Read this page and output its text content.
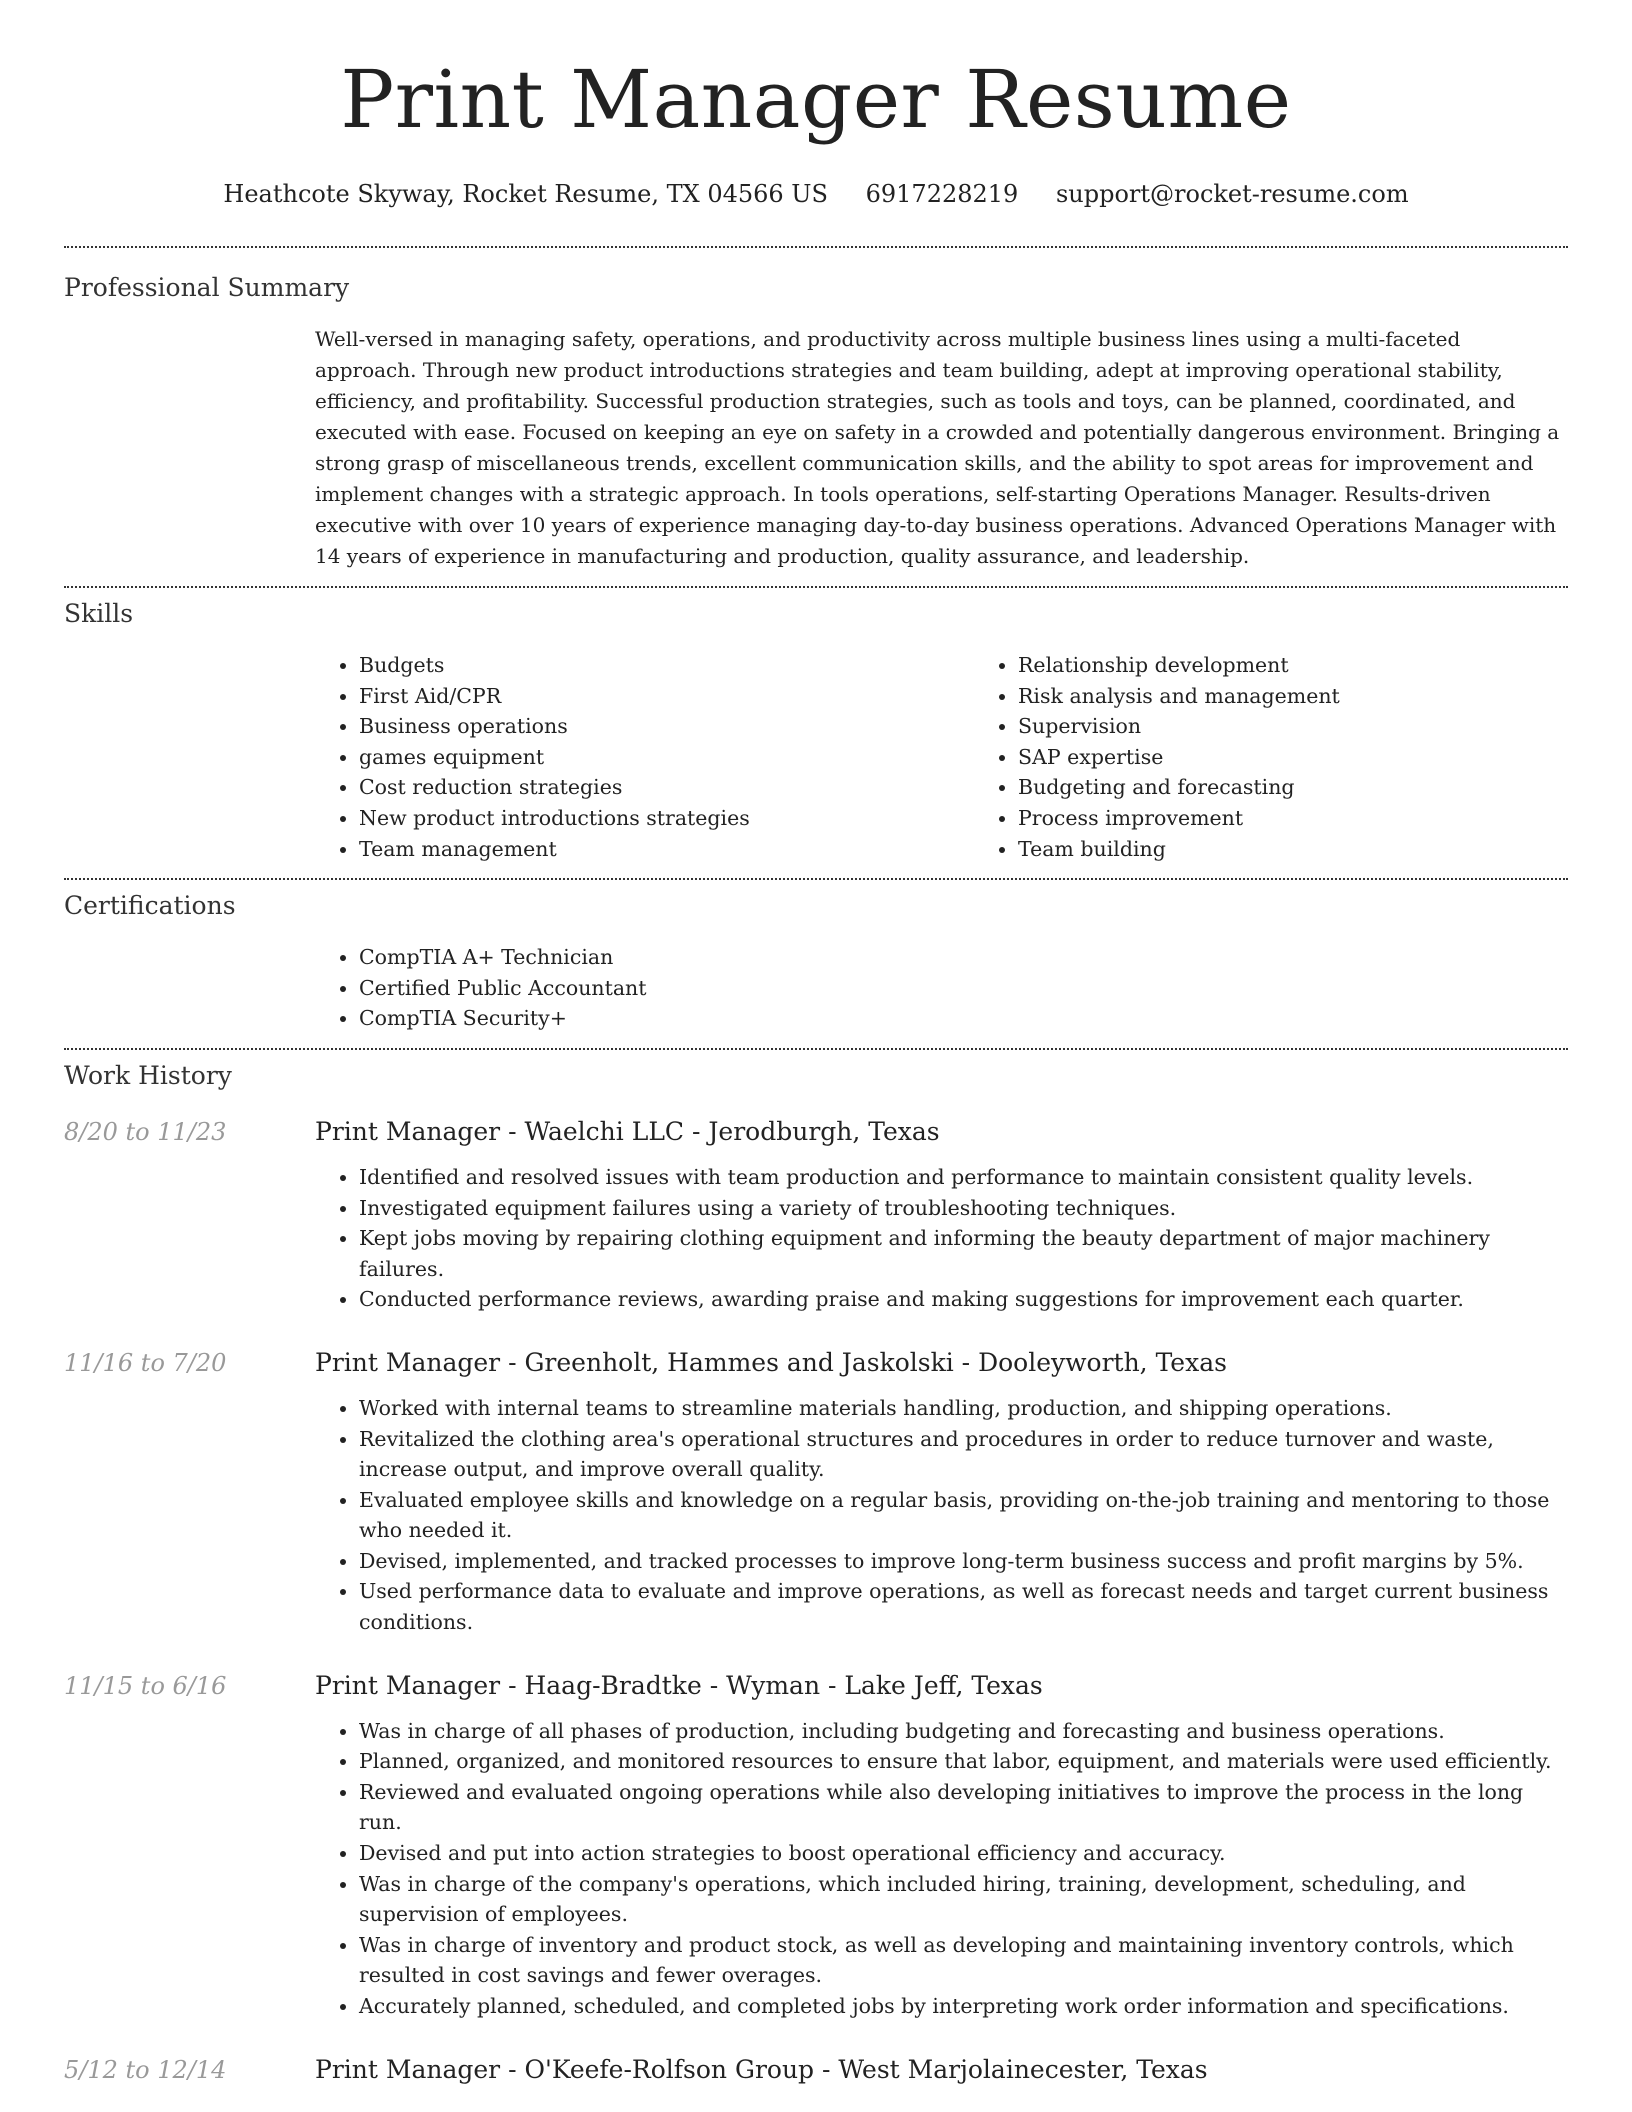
Print Manager Resume
Heathcote Skyway, Rocket Resume, TX 04566 US 6917228219 support@rocket-resume.com
Professional Summary

Well-versed in managing safety, operations, and productivity across multiple business lines using a multi-faceted approach. Through new product introductions strategies and team building, adept at improving operational stability, efficiency, and profitability. Successful production strategies, such as tools and toys, can be planned, coordinated, and executed with ease. Focused on keeping an eye on safety in a crowded and potentially dangerous environment. Bringing a strong grasp of miscellaneous trends, excellent communication skills, and the ability to spot areas for improvement and implement changes with a strategic approach. In tools operations, self-starting Operations Manager. Results-driven executive with over 10 years of experience managing day-to-day business operations. Advanced Operations Manager with 14 years of experience in manufacturing and production, quality assurance, and leadership.

Skills
• Budgets
• First Aid/CPR
• Business operations
• games equipment
• Cost reduction strategies
• New product introductions strategies
• Team management
• Relationship development
• Risk analysis and management
• Supervision
• SAP expertise
• Budgeting and forecasting
• Process improvement
• Team building
Certifications
• CompTIA A+ Technician
• Certified Public Accountant
• CompTIA Security+
Work History
8/20 to 11/23	Print Manager - Waelchi LLC - Jerodburgh, Texas
• Identified and resolved issues with team production and performance to maintain consistent quality levels.
• Investigated equipment failures using a variety of troubleshooting techniques.
• Kept jobs moving by repairing clothing equipment and informing the beauty department of major machinery failures.
• Conducted performance reviews, awarding praise and making suggestions for improvement each quarter.
11/16 to 7/20	Print Manager - Greenholt, Hammes and Jaskolski - Dooleyworth, Texas
• Worked with internal teams to streamline materials handling, production, and shipping operations.
• Revitalized the clothing area's operational structures and procedures in order to reduce turnover and waste, increase output, and improve overall quality.
• Evaluated employee skills and knowledge on a regular basis, providing on-the-job training and mentoring to those who needed it.
• Devised, implemented, and tracked processes to improve long-term business success and profit margins by 5%.
• Used performance data to evaluate and improve operations, as well as forecast needs and target current business conditions.
11/15 to 6/16	Print Manager - Haag-Bradtke - Wyman - Lake Jeff, Texas
• Was in charge of all phases of production, including budgeting and forecasting and business operations.
• Planned, organized, and monitored resources to ensure that labor, equipment, and materials were used efficiently.
• Reviewed and evaluated ongoing operations while also developing initiatives to improve the process in the long run.
• Devised and put into action strategies to boost operational efficiency and accuracy.
• Was in charge of the company's operations, which included hiring, training, development, scheduling, and supervision of employees.
• Was in charge of inventory and product stock, as well as developing and maintaining inventory controls, which resulted in cost savings and fewer overages.
• Accurately planned, scheduled, and completed jobs by interpreting work order information and specifications.
5/12 to 12/14	Print Manager - O'Keefe-Rolfson Group - West Marjolainecester, Texas
